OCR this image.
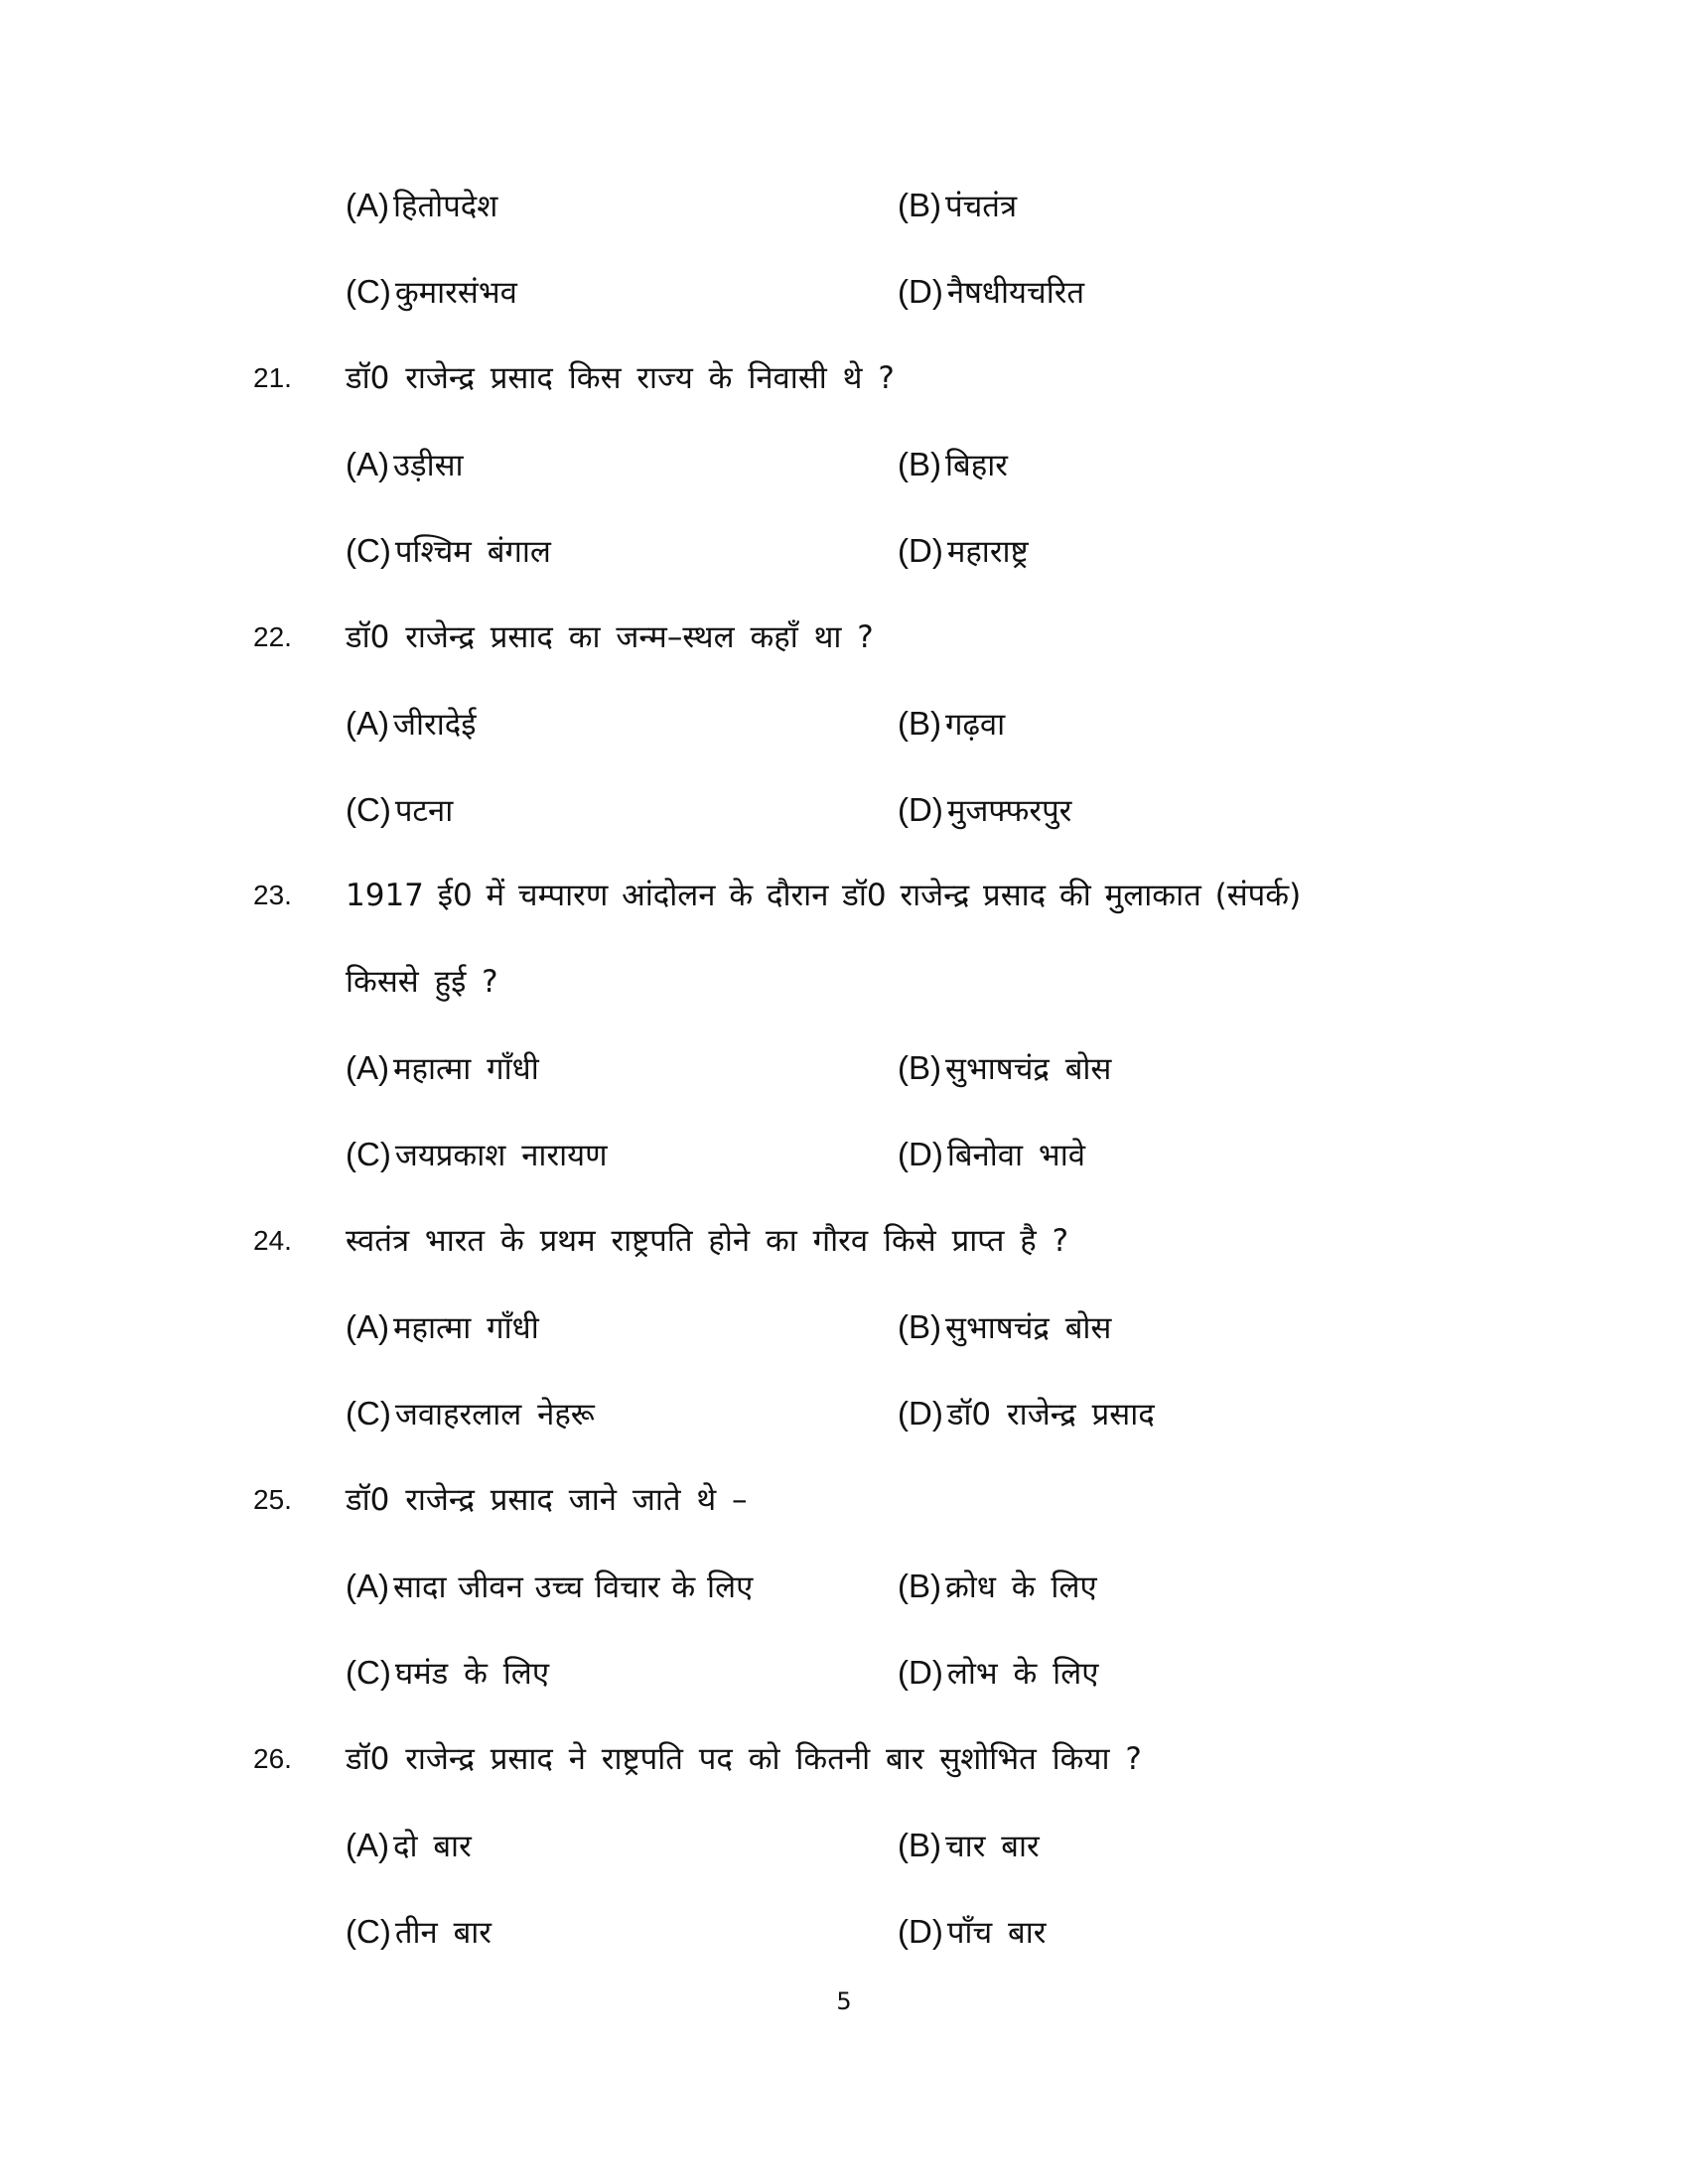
(A) हितोपदेश	(B) पंचतंत्र
(C) कुमारसंभव	(D) नैषधीयचरित
21. डॉ0 राजेन्द्र प्रसाद किस राज्य के निवासी थे ?
(A) उड़ीसा	(B) बिहार
(C) पश्चिम बंगाल	(D) महाराष्ट्र
22. डॉ0 राजेन्द्र प्रसाद का जन्म–स्थल कहाँ था ?
(A) जीरादेई	(B) गढ़वा
(C) पटना	(D) मुजफ्फरपुर
23. 1917 ई0 में चम्पारण आंदोलन के दौरान डॉ0 राजेन्द्र प्रसाद की मुलाकात (संपर्क)
किससे हुई ?
(A) महात्मा गाँधी	(B) सुभाषचंद्र बोस
(C) जयप्रकाश नारायण	(D) बिनोवा भावे
24. स्वतंत्र भारत के प्रथम राष्ट्रपति होने का गौरव किसे प्राप्त है ?
(A) महात्मा गाँधी	(B) सुभाषचंद्र बोस
(C) जवाहरलाल नेहरू	(D) डॉ0 राजेन्द्र प्रसाद
25. डॉ0 राजेन्द्र प्रसाद जाने जाते थे –
(A) सादा जीवन उच्च विचार के लिए	(B) क्रोध के लिए
(C) घमंड के लिए	(D) लोभ के लिए
26. डॉ0 राजेन्द्र प्रसाद ने राष्ट्रपति पद को कितनी बार सुशोभित किया ?
(A) दो बार	(B) चार बार
(C) तीन बार	(D) पाँच बार
5
